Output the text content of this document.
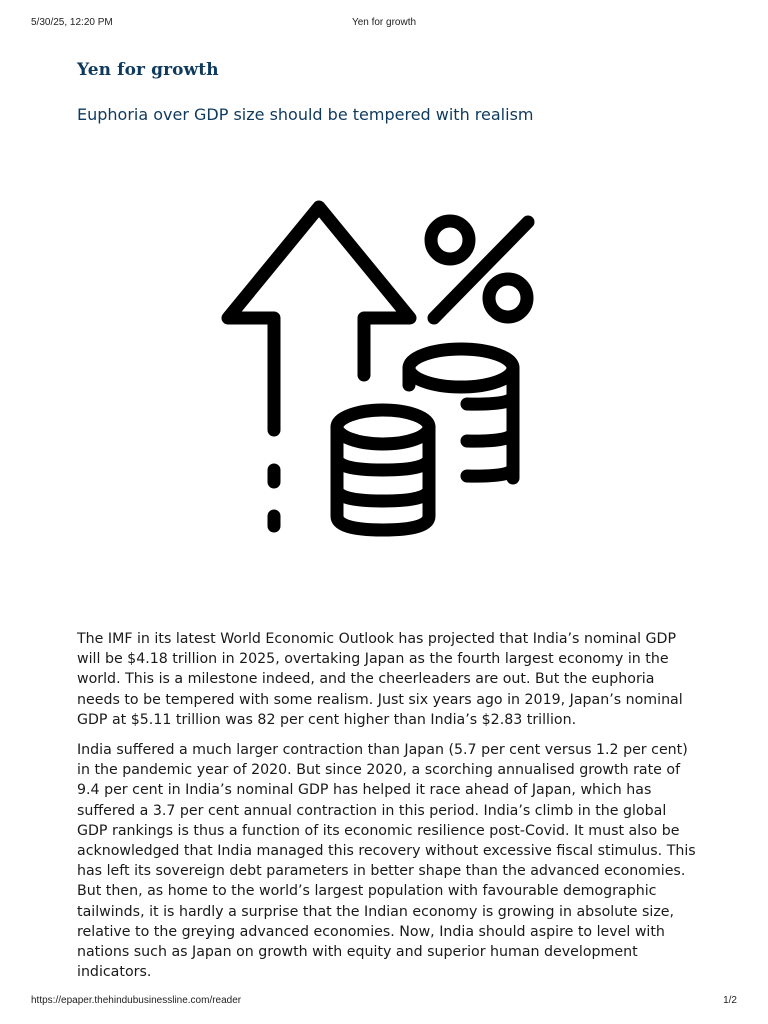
5/30/25, 12:20 PM	Yen for growth
Yen for growth
Euphoria over GDP size should be tempered with realism

The IMF in its latest World Economic Outlook has projected that India’s nominal GDP will be $4.18 trillion in 2025, overtaking Japan as the fourth largest economy in the world. This is a milestone indeed, and the cheerleaders are out. But the euphoria needs to be tempered with some realism. Just six years ago in 2019, Japan’s nominal GDP at $5.11 trillion was 82 per cent higher than India’s $2.83 trillion.

India suffered a much larger contraction than Japan (5.7 per cent versus 1.2 per cent) in the pandemic year of 2020. But since 2020, a scorching annualised growth rate of 9.4 per cent in India’s nominal GDP has helped it race ahead of Japan, which has suffered a 3.7 per cent annual contraction in this period. India’s climb in the global GDP rankings is thus a function of its economic resilience post-Covid. It must also be acknowledged that India managed this recovery without excessive fiscal stimulus. This has left its sovereign debt parameters in better shape than the advanced economies. But then, as home to the world’s largest population with favourable demographic tailwinds, it is hardly a surprise that the Indian economy is growing in absolute size, relative to the greying advanced economies. Now, India should aspire to level with nations such as Japan on growth with equity and superior human development indicators.

https://epaper.thehindubusinessline.com/reader	1/2
